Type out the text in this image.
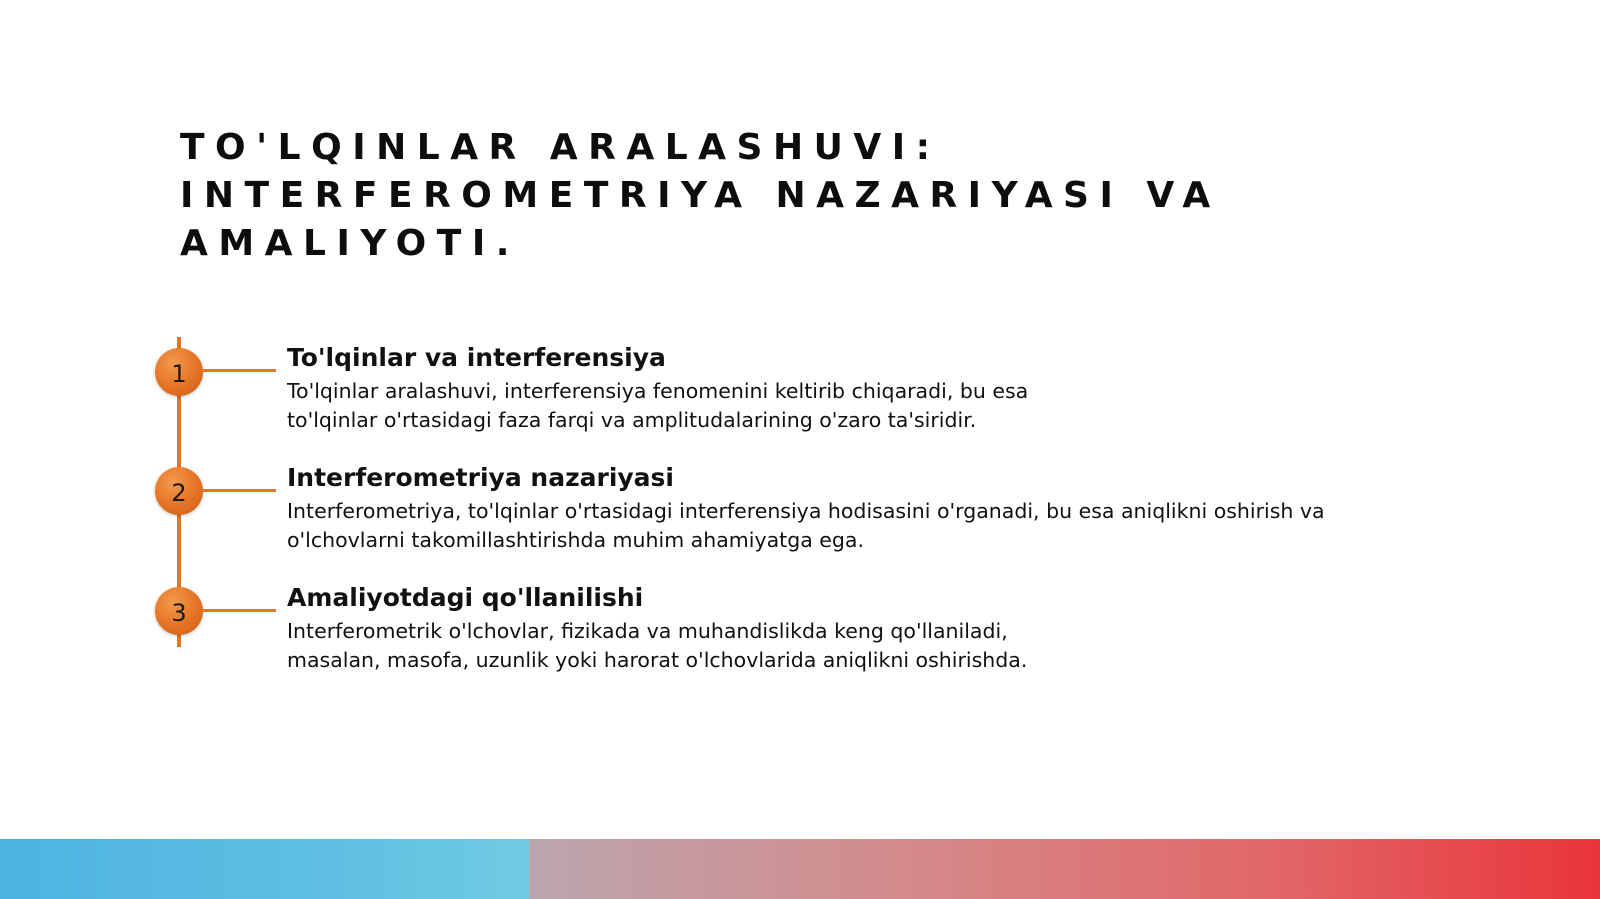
TO'LQINLAR ARALASHUVI: INTERFEROMETRIYA NAZARIYASI VA AMALIYOTI.
1
To'lqinlar va interferensiya
To'lqinlar aralashuvi, interferensiya fenomenini keltirib chiqaradi, bu esa
to'lqinlar o'rtasidagi faza farqi va amplitudalarining o'zaro ta'siridir.
2
Interferometriya nazariyasi
Interferometriya, to'lqinlar o'rtasidagi interferensiya hodisasini o'rganadi, bu esa aniqlikni oshirish va
o'lchovlarni takomillashtirishda muhim ahamiyatga ega.
3
Amaliyotdagi qo'llanilishi
Interferometrik o'lchovlar, fizikada va muhandislikda keng qo'llaniladi,
masalan, masofa, uzunlik yoki harorat o'lchovlarida aniqlikni oshirishda.
